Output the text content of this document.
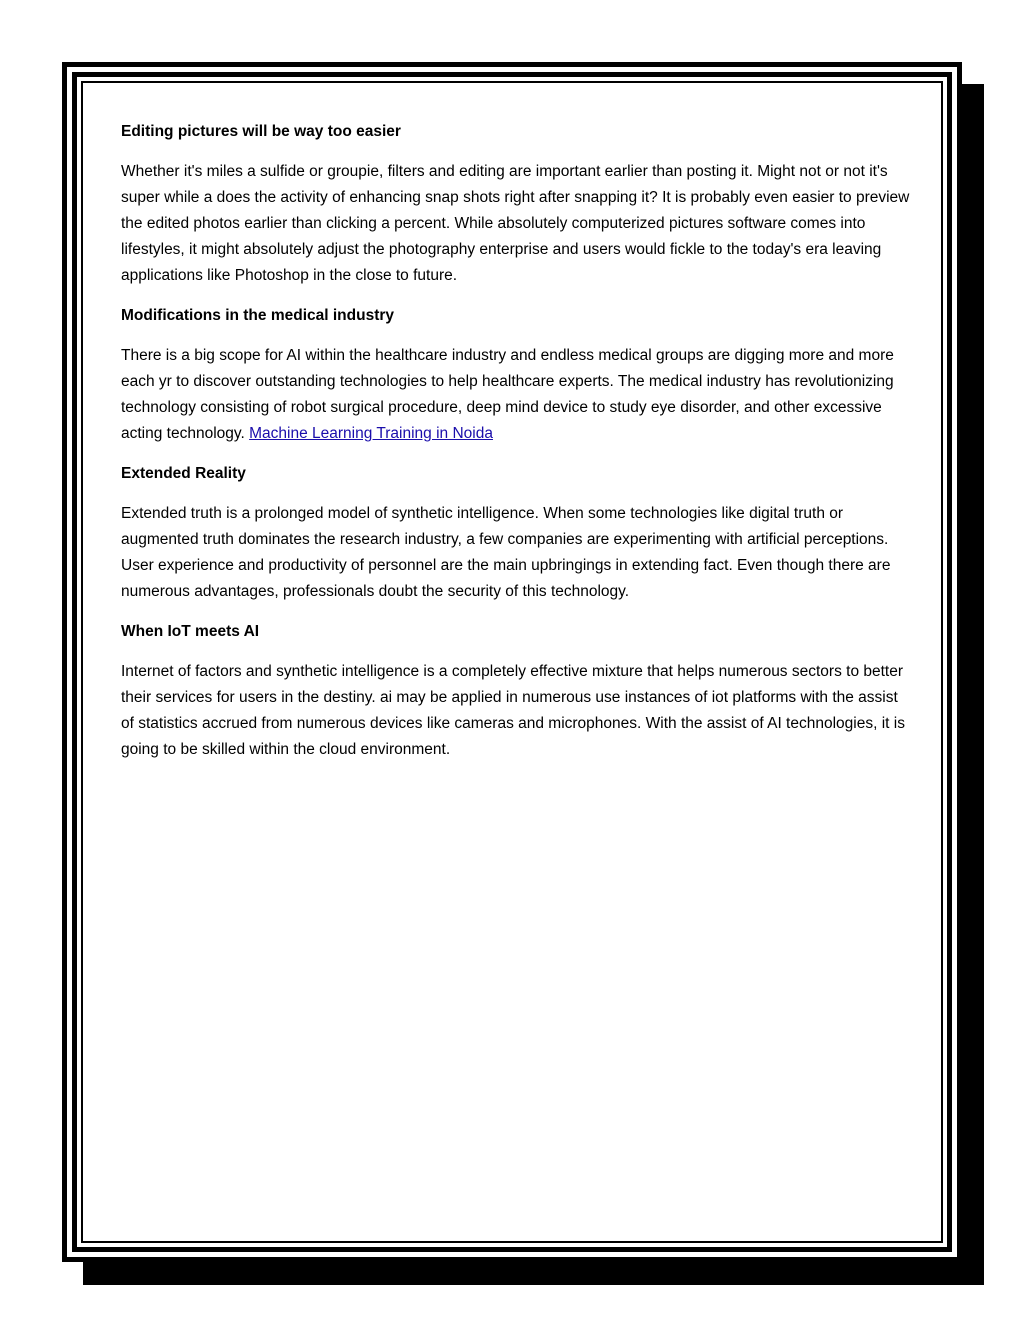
Editing pictures will be way too easier

Whether it's miles a sulfide or groupie, filters and editing are important earlier than posting it. Might not or not it's super while a does the activity of enhancing snap shots right after snapping it? It is probably even easier to preview the edited photos earlier than clicking a percent. While absolutely computerized pictures software comes into lifestyles, it might absolutely adjust the photography enterprise and users would fickle to the today's era leaving applications like Photoshop in the close to future.

Modifications in the medical industry

There is a big scope for AI within the healthcare industry and endless medical groups are digging more and more each yr to discover outstanding technologies to help healthcare experts. The medical industry has revolutionizing technology consisting of robot surgical procedure, deep mind device to study eye disorder, and other excessive acting technology. Machine Learning Training in Noida

Extended Reality

Extended truth is a prolonged model of synthetic intelligence. When some technologies like digital truth or augmented truth dominates the research industry, a few companies are experimenting with artificial perceptions. User experience and productivity of personnel are the main upbringings in extending fact. Even though there are numerous advantages, professionals doubt the security of this technology.

When IoT meets AI

Internet of factors and synthetic intelligence is a completely effective mixture that helps numerous sectors to better their services for users in the destiny. ai may be applied in numerous use instances of iot platforms with the assist of statistics accrued from numerous devices like cameras and microphones. With the assist of AI technologies, it is going to be skilled within the cloud environment.
